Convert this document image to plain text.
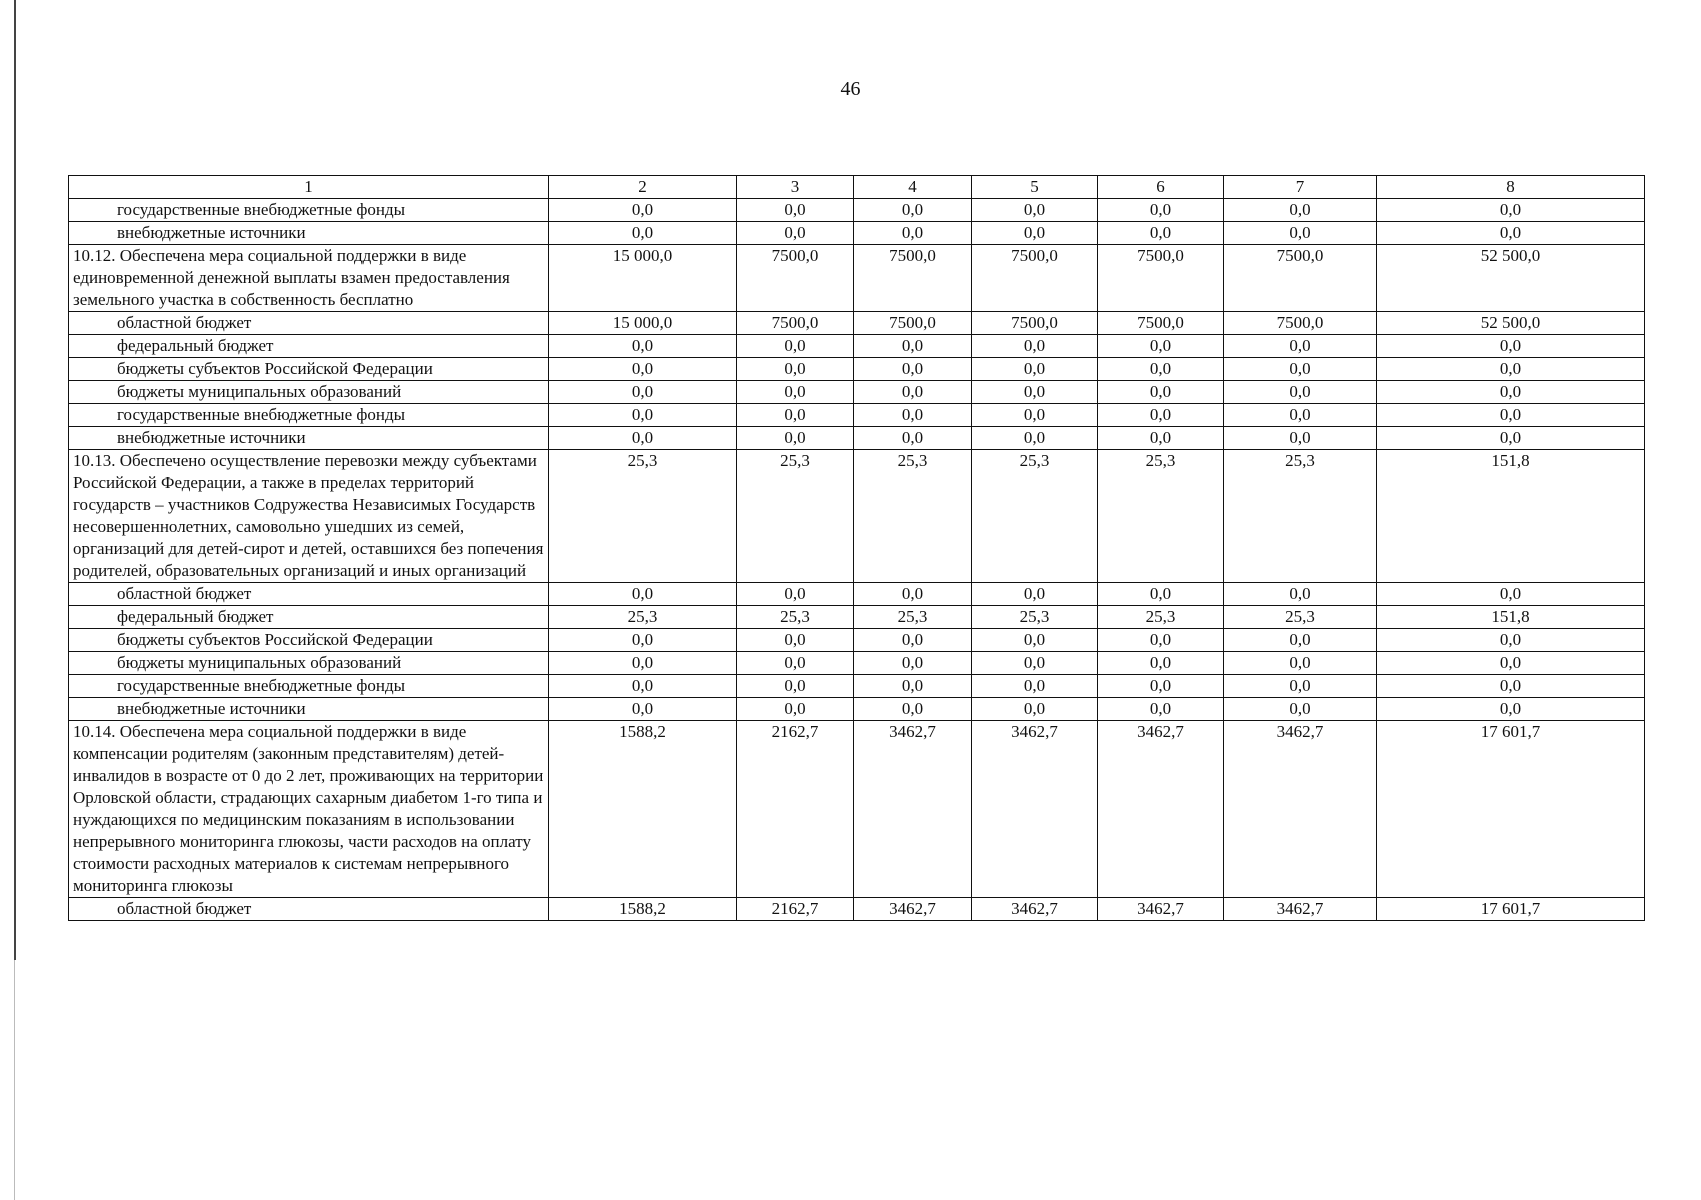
46
1	2	3	4	5	6	7	8
государственные внебюджетные фонды	0,0	0,0	0,0	0,0	0,0	0,0	0,0
внебюджетные источники	0,0	0,0	0,0	0,0	0,0	0,0	0,0
10.12. Обеспечена мера социальной поддержки в виде единовременной денежной выплаты взамен предоставления земельного участка в собственность бесплатно	15 000,0	7500,0	7500,0	7500,0	7500,0	7500,0	52 500,0
областной бюджет	15 000,0	7500,0	7500,0	7500,0	7500,0	7500,0	52 500,0
федеральный бюджет	0,0	0,0	0,0	0,0	0,0	0,0	0,0
бюджеты субъектов Российской Федерации	0,0	0,0	0,0	0,0	0,0	0,0	0,0
бюджеты муниципальных образований	0,0	0,0	0,0	0,0	0,0	0,0	0,0
государственные внебюджетные фонды	0,0	0,0	0,0	0,0	0,0	0,0	0,0
внебюджетные источники	0,0	0,0	0,0	0,0	0,0	0,0	0,0
10.13. Обеспечено осуществление перевозки между субъектами Российской Федерации, а также в пределах территорий государств – участников Содружества Независимых Государств несовершеннолетних, самовольно ушедших из семей, организаций для детей-сирот и детей, оставшихся без попечения родителей, образовательных организаций и иных организаций	25,3	25,3	25,3	25,3	25,3	25,3	151,8
областной бюджет	0,0	0,0	0,0	0,0	0,0	0,0	0,0
федеральный бюджет	25,3	25,3	25,3	25,3	25,3	25,3	151,8
бюджеты субъектов Российской Федерации	0,0	0,0	0,0	0,0	0,0	0,0	0,0
бюджеты муниципальных образований	0,0	0,0	0,0	0,0	0,0	0,0	0,0
государственные внебюджетные фонды	0,0	0,0	0,0	0,0	0,0	0,0	0,0
внебюджетные источники	0,0	0,0	0,0	0,0	0,0	0,0	0,0
10.14. Обеспечена мера социальной поддержки в виде компенсации родителям (законным представителям) детей-инвалидов в возрасте от 0 до 2 лет, проживающих на территории Орловской области, страдающих сахарным диабетом 1-го типа и нуждающихся по медицинским показаниям в использовании непрерывного мониторинга глюкозы, части расходов на оплату стоимости расходных материалов к системам непрерывного мониторинга глюкозы	1588,2	2162,7	3462,7	3462,7	3462,7	3462,7	17 601,7
областной бюджет	1588,2	2162,7	3462,7	3462,7	3462,7	3462,7	17 601,7
